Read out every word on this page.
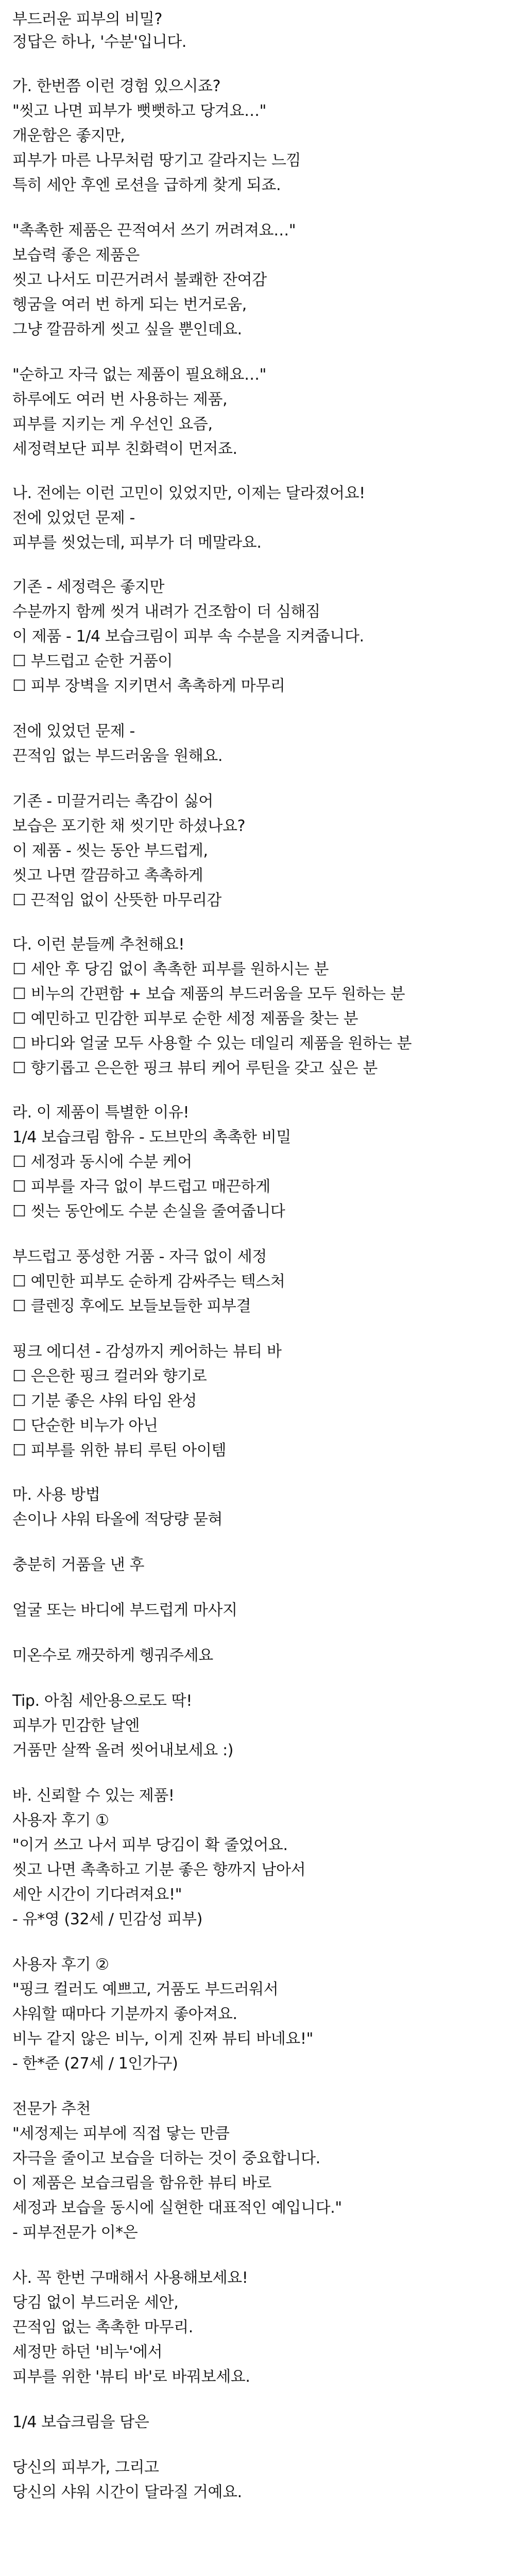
부드러운 피부의 비밀?
정답은 하나, '수분'입니다.
가. 한번쯤 이런 경험 있으시죠?
"씻고 나면 피부가 뻣뻣하고 당겨요…"
개운함은 좋지만,
피부가 마른 나무처럼 땅기고 갈라지는 느낌
특히 세안 후엔 로션을 급하게 찾게 되죠.
"촉촉한 제품은 끈적여서 쓰기 꺼려져요…"
보습력 좋은 제품은
씻고 나서도 미끈거려서 불쾌한 잔여감
헹굼을 여러 번 하게 되는 번거로움,
그냥 깔끔하게 씻고 싶을 뿐인데요.
"순하고 자극 없는 제품이 필요해요…"
하루에도 여러 번 사용하는 제품,
피부를 지키는 게 우선인 요즘,
세정력보단 피부 친화력이 먼저죠.
나. 전에는 이런 고민이 있었지만, 이제는 달라졌어요!
전에 있었던 문제 -
피부를 씻었는데, 피부가 더 메말라요.
기존 - 세정력은 좋지만
수분까지 함께 씻겨 내려가 건조함이 더 심해짐
이 제품 - 1/4 보습크림이 피부 속 수분을 지켜줍니다.
☐ 부드럽고 순한 거품이
☐ 피부 장벽을 지키면서 촉촉하게 마무리
전에 있었던 문제 -
끈적임 없는 부드러움을 원해요.
기존 - 미끌거리는 촉감이 싫어
보습은 포기한 채 씻기만 하셨나요?
이 제품 - 씻는 동안 부드럽게,
씻고 나면 깔끔하고 촉촉하게
☐ 끈적임 없이 산뜻한 마무리감
다. 이런 분들께 추천해요!
☐ 세안 후 당김 없이 촉촉한 피부를 원하시는 분
☐ 비누의 간편함 + 보습 제품의 부드러움을 모두 원하는 분
☐ 예민하고 민감한 피부로 순한 세정 제품을 찾는 분
☐ 바디와 얼굴 모두 사용할 수 있는 데일리 제품을 원하는 분
☐ 향기롭고 은은한 핑크 뷰티 케어 루틴을 갖고 싶은 분
라. 이 제품이 특별한 이유!
1/4 보습크림 함유 - 도브만의 촉촉한 비밀
☐ 세정과 동시에 수분 케어
☐ 피부를 자극 없이 부드럽고 매끈하게
☐ 씻는 동안에도 수분 손실을 줄여줍니다
부드럽고 풍성한 거품 - 자극 없이 세정
☐ 예민한 피부도 순하게 감싸주는 텍스처
☐ 클렌징 후에도 보들보들한 피부결
핑크 에디션 - 감성까지 케어하는 뷰티 바
☐ 은은한 핑크 컬러와 향기로
☐ 기분 좋은 샤워 타임 완성
☐ 단순한 비누가 아닌
☐ 피부를 위한 뷰티 루틴 아이템
마. 사용 방법
손이나 샤워 타올에 적당량 묻혀
충분히 거품을 낸 후
얼굴 또는 바디에 부드럽게 마사지
미온수로 깨끗하게 헹궈주세요
Tip. 아침 세안용으로도 딱!
피부가 민감한 날엔
거품만 살짝 올려 씻어내보세요 :)
바. 신뢰할 수 있는 제품!
사용자 후기 ①
"이거 쓰고 나서 피부 당김이 확 줄었어요.
씻고 나면 촉촉하고 기분 좋은 향까지 남아서
세안 시간이 기다려져요!"
- 유*영 (32세 / 민감성 피부)
사용자 후기 ②
"핑크 컬러도 예쁘고, 거품도 부드러워서
샤워할 때마다 기분까지 좋아져요.
비누 같지 않은 비누, 이게 진짜 뷰티 바네요!"
- 한*준 (27세 / 1인가구)
전문가 추천
"세정제는 피부에 직접 닿는 만큼
자극을 줄이고 보습을 더하는 것이 중요합니다.
이 제품은 보습크림을 함유한 뷰티 바로
세정과 보습을 동시에 실현한 대표적인 예입니다."
- 피부전문가 이*은
사. 꼭 한번 구매해서 사용해보세요!
당김 없이 부드러운 세안,
끈적임 없는 촉촉한 마무리.
세정만 하던 '비누'에서
피부를 위한 '뷰티 바'로 바꿔보세요.
1/4 보습크림을 담은
당신의 피부가, 그리고
당신의 샤워 시간이 달라질 거예요.
